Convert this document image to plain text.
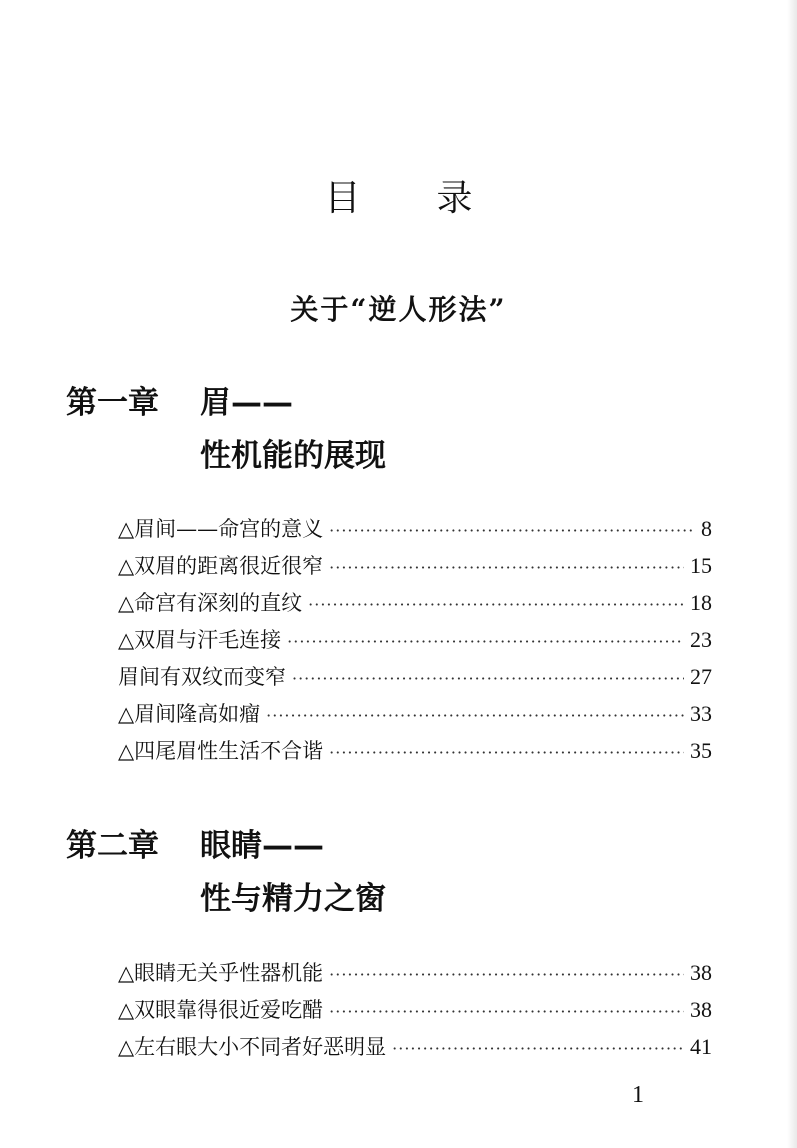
目录
关于“逆人形法”
第一章 眉——
性机能的展现
△眉间——命宫的意义 ·····	8
△双眉的距离很近很窄 ·····	15
△命宫有深刻的直纹 ·····	18
△双眉与汗毛连接 ·····	23
眉间有双纹而变窄 ·····	27
△眉间隆高如瘤 ·····	33
△四尾眉性生活不合谐 ·····	35
第二章 眼睛——
性与精力之窗
△眼睛无关乎性器机能 ·····	38
△双眼靠得很近爱吃醋 ·····	38
△左右眼大小不同者好恶明显 ·····	41
1
